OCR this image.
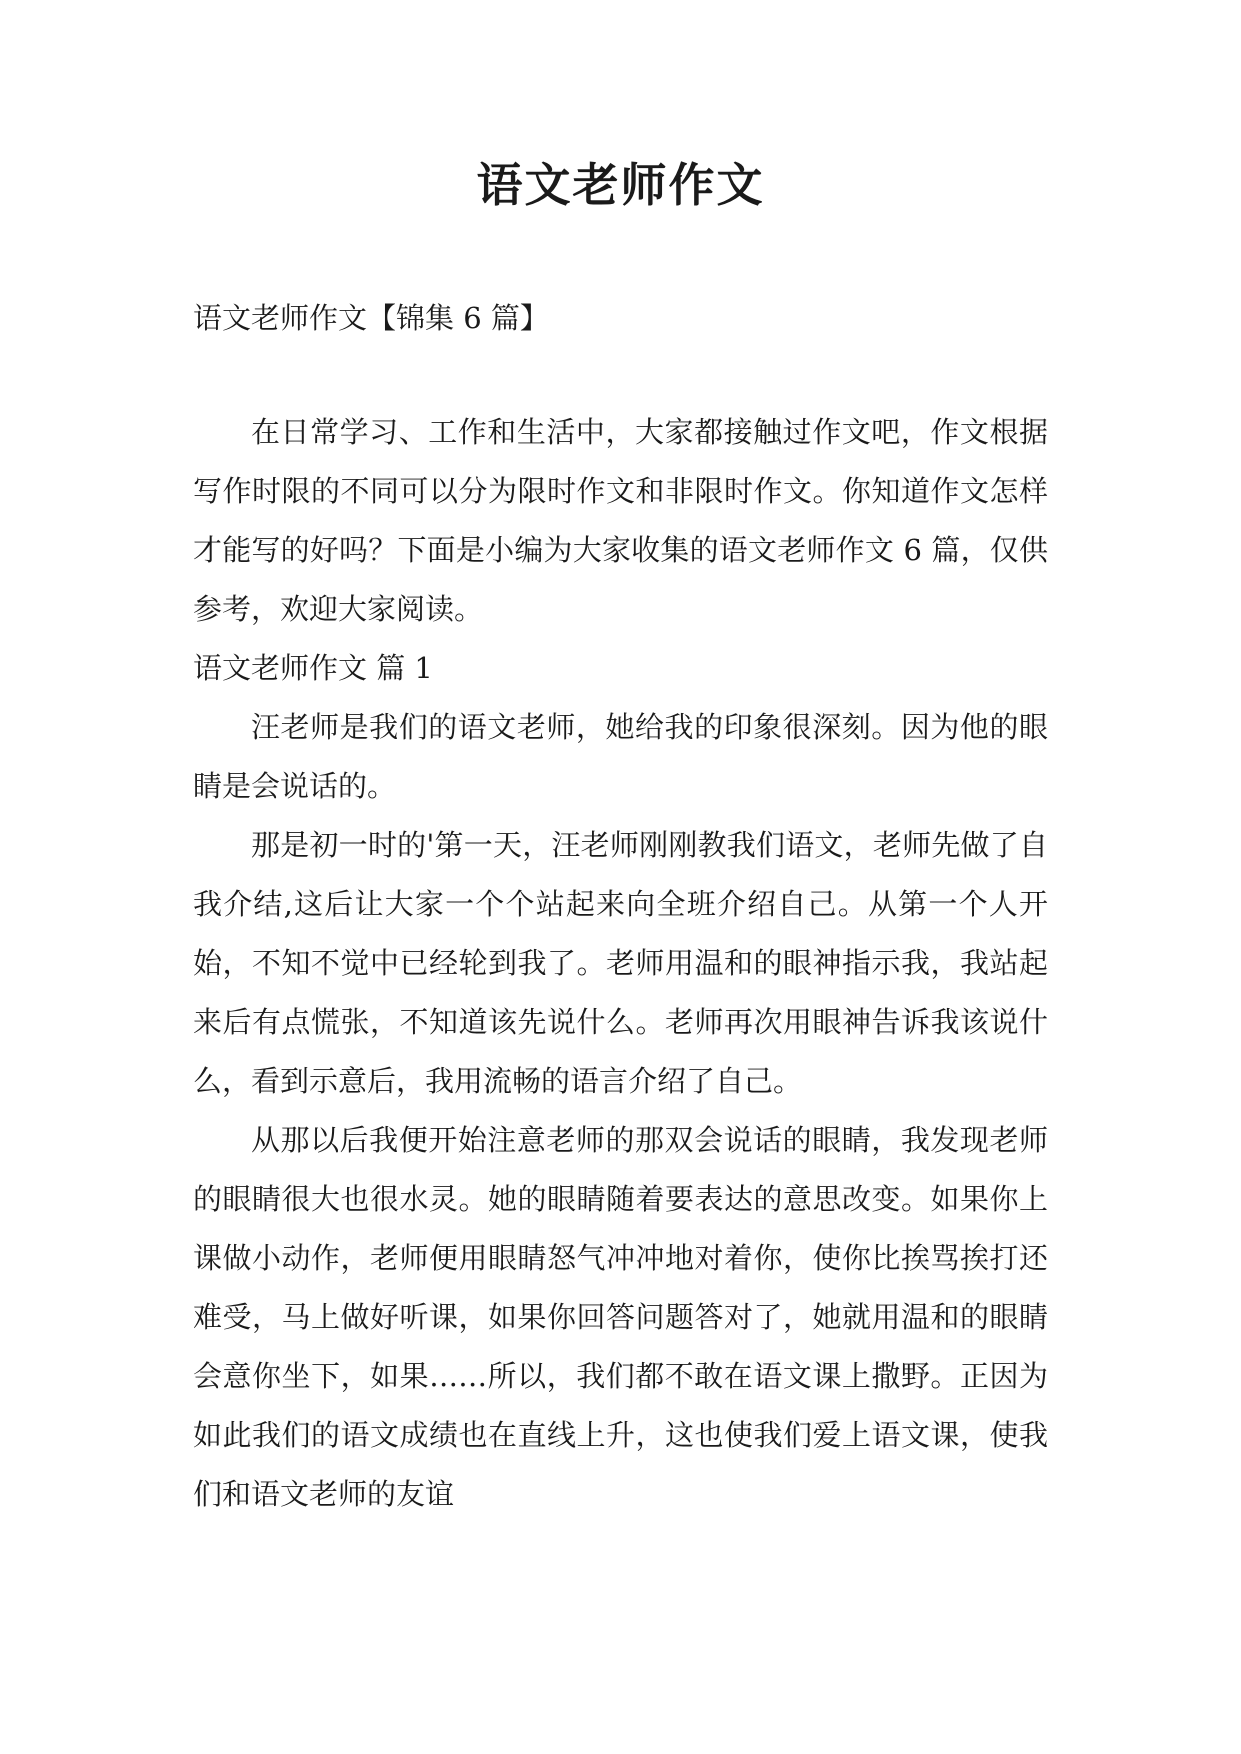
语文老师作文

语文老师作文【锦集 6 篇】

在日常学习、工作和生活中，大家都接触过作文吧，作文根据写作时限的不同可以分为限时作文和非限时作文。你知道作文怎样才能写的好吗？下面是小编为大家收集的语文老师作文 6 篇，仅供参考，欢迎大家阅读。

语文老师作文 篇 1

汪老师是我们的语文老师，她给我的印象很深刻。因为他的眼睛是会说话的。

那是初一时的'第一天，汪老师刚刚教我们语文，老师先做了自我介结,这后让大家一个个站起来向全班介绍自己。从第一个人开始，不知不觉中已经轮到我了。老师用温和的眼神指示我，我站起来后有点慌张，不知道该先说什么。老师再次用眼神告诉我该说什么，看到示意后，我用流畅的语言介绍了自己。

从那以后我便开始注意老师的那双会说话的眼睛，我发现老师的眼睛很大也很水灵。她的眼睛随着要表达的意思改变。如果你上课做小动作，老师便用眼睛怒气冲冲地对着你，使你比挨骂挨打还难受，马上做好听课，如果你回答问题答对了，她就用温和的眼睛会意你坐下，如果……所以，我们都不敢在语文课上撒野。正因为如此我们的语文成绩也在直线上升，这也使我们爱上语文课，使我们和语文老师的友谊
